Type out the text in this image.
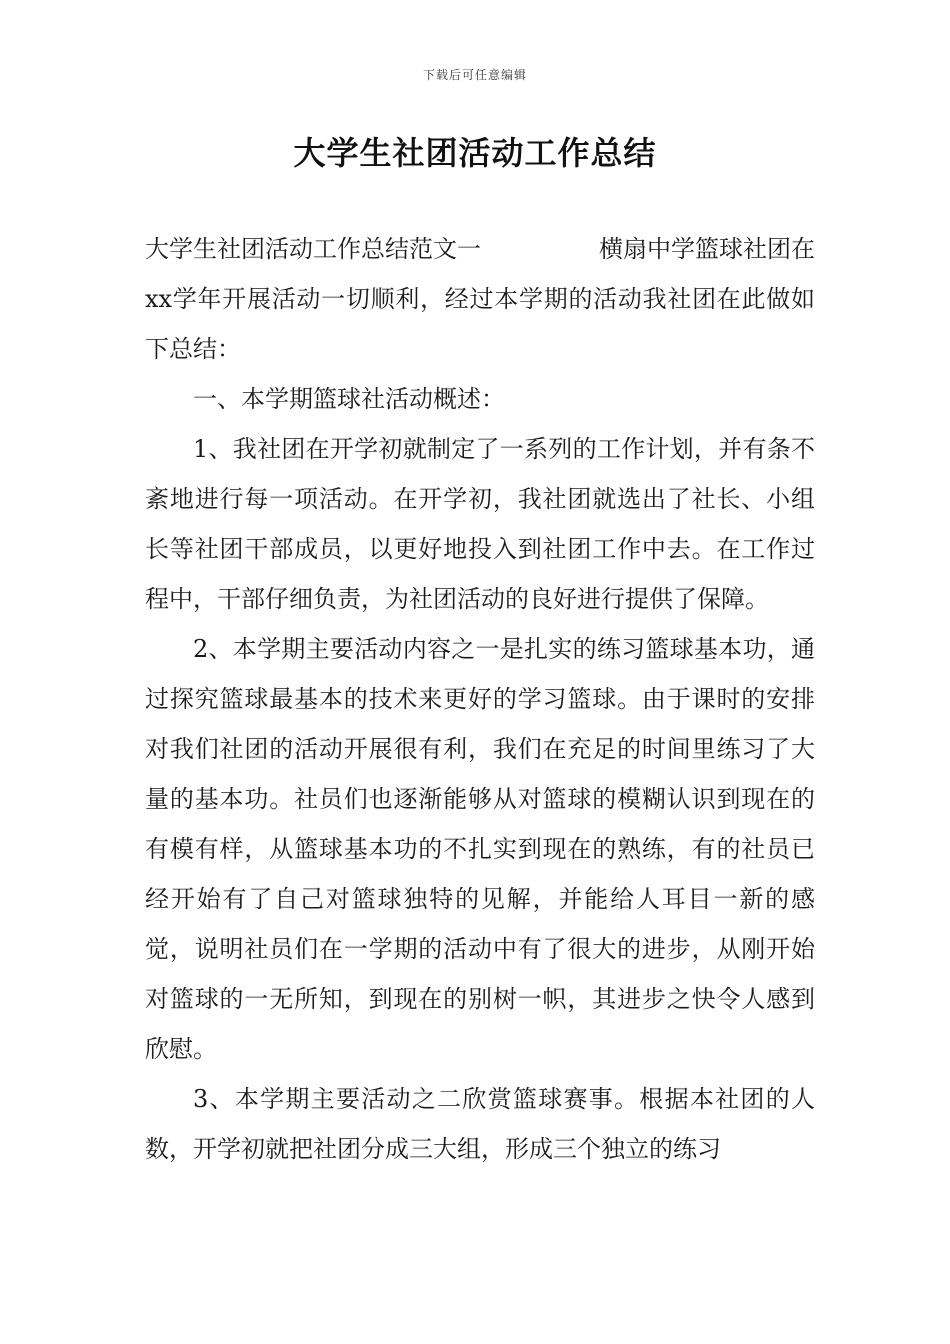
下载后可任意编辑
大学生社团活动工作总结
大学生社团活动工作总结范文一	横扇中学篮球社团在

xx学年开展活动一切顺利，经过本学期的活动我社团在此做如下总结：

一、本学期篮球社活动概述：

1、我社团在开学初就制定了一系列的工作计划，并有条不紊地进行每一项活动。在开学初，我社团就选出了社长、小组长等社团干部成员，以更好地投入到社团工作中去。在工作过程中，干部仔细负责，为社团活动的良好进行提供了保障。

2、本学期主要活动内容之一是扎实的练习篮球基本功，通过探究篮球最基本的技术来更好的学习篮球。由于课时的安排对我们社团的活动开展很有利，我们在充足的时间里练习了大量的基本功。社员们也逐渐能够从对篮球的模糊认识到现在的有模有样，从篮球基本功的不扎实到现在的熟练，有的社员已经开始有了自己对篮球独特的见解，并能给人耳目一新的感觉，说明社员们在一学期的活动中有了很大的进步，从刚开始对篮球的一无所知，到现在的别树一帜，其进步之快令人感到欣慰。

3、本学期主要活动之二欣赏篮球赛事。根据本社团的人数，开学初就把社团分成三大组，形成三个独立的练习
